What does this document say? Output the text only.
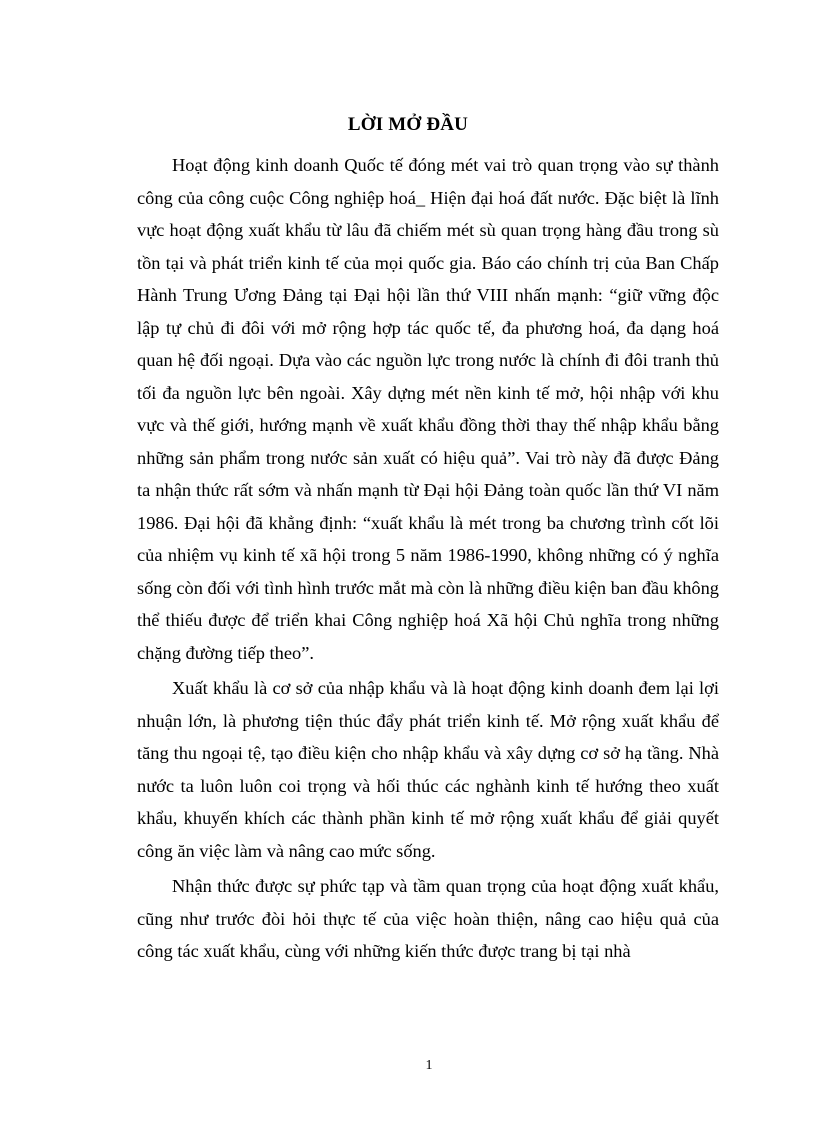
LỜI MỞ ĐẦU

Hoạt động kinh doanh Quốc tế đóng mét vai trò quan trọng vào sự thành công của công cuộc Công nghiệp hoá_ Hiện đại hoá đất nước. Đặc biệt là lĩnh vực hoạt động xuất khẩu từ lâu đã chiếm mét sù quan trọng hàng đầu trong sù tồn tại và phát triển kinh tế của mọi quốc gia. Báo cáo chính trị của Ban Chấp Hành Trung Ương Đảng tại Đại hội lần thứ VIII nhấn mạnh: “giữ vững độc lập tự chủ đi đôi với mở rộng hợp tác quốc tế, đa phương hoá, đa dạng hoá quan hệ đối ngoại. Dựa vào các nguồn lực trong nước là chính đi đôi tranh thủ tối đa nguồn lực bên ngoài. Xây dựng mét nền kinh tế mở, hội nhập với khu vực và thế giới, hướng mạnh về xuất khẩu đồng thời thay thế nhập khẩu bằng những sản phẩm trong nước sản xuất có hiệu quả”. Vai trò này đã được Đảng ta nhận thức rất sớm và nhấn mạnh từ Đại hội Đảng toàn quốc lần thứ VI năm 1986. Đại hội đã khẳng định: “xuất khẩu là mét trong ba chương trình cốt lõi của nhiệm vụ kinh tế xã hội trong 5 năm 1986-1990, không những có ý nghĩa sống còn đối với tình hình trước mắt mà còn là những điều kiện ban đầu không thể thiếu được để triển khai Công nghiệp hoá Xã hội Chủ nghĩa trong những chặng đường tiếp theo”.

Xuất khẩu là cơ sở của nhập khẩu và là hoạt động kinh doanh đem lại lợi nhuận lớn, là phương tiện thúc đẩy phát triển kinh tế. Mở rộng xuất khẩu để tăng thu ngoại tệ, tạo điều kiện cho nhập khẩu và xây dựng cơ sở hạ tầng. Nhà nước ta luôn luôn coi trọng và hối thúc các nghành kinh tế hướng theo xuất khẩu, khuyến khích các thành phần kinh tế mở rộng xuất khẩu để giải quyết công ăn việc làm và nâng cao mức sống.

Nhận thức được sự phức tạp và tầm quan trọng của hoạt động xuất khẩu, cũng như trước đòi hỏi thực tế của việc hoàn thiện, nâng cao hiệu quả của công tác xuất khẩu, cùng với những kiến thức được trang bị tại nhà

1
